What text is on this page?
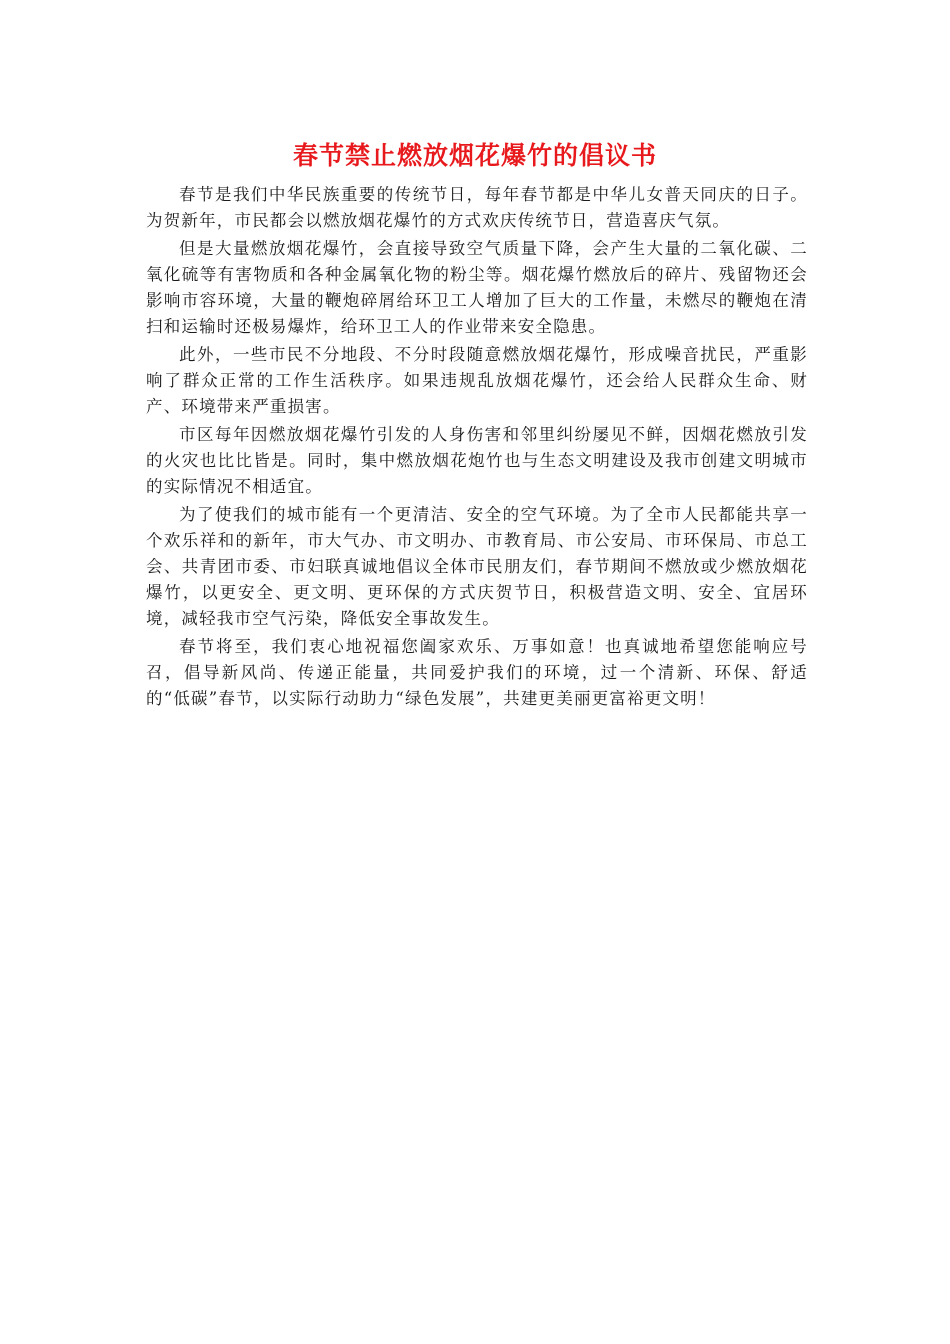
春节禁止燃放烟花爆竹的倡议书

春节是我们中华民族重要的传统节日，每年春节都是中华儿女普天同庆的日子。为贺新年，市民都会以燃放烟花爆竹的方式欢庆传统节日，营造喜庆气氛。

但是大量燃放烟花爆竹，会直接导致空气质量下降，会产生大量的二氧化碳、二氧化硫等有害物质和各种金属氧化物的粉尘等。烟花爆竹燃放后的碎片、残留物还会影响市容环境，大量的鞭炮碎屑给环卫工人增加了巨大的工作量，未燃尽的鞭炮在清扫和运输时还极易爆炸，给环卫工人的作业带来安全隐患。

此外，一些市民不分地段、不分时段随意燃放烟花爆竹，形成噪音扰民，严重影响了群众正常的工作生活秩序。如果违规乱放烟花爆竹，还会给人民群众生命、财产、环境带来严重损害。

市区每年因燃放烟花爆竹引发的人身伤害和邻里纠纷屡见不鲜，因烟花燃放引发的火灾也比比皆是。同时，集中燃放烟花炮竹也与生态文明建设及我市创建文明城市的实际情况不相适宜。

为了使我们的城市能有一个更清洁、安全的空气环境。为了全市人民都能共享一个欢乐祥和的新年，市大气办、市文明办、市教育局、市公安局、市环保局、市总工会、共青团市委、市妇联真诚地倡议全体市民朋友们，春节期间不燃放或少燃放烟花爆竹，以更安全、更文明、更环保的方式庆贺节日，积极营造文明、安全、宜居环境，减轻我市空气污染，降低安全事故发生。

春节将至，我们衷心地祝福您阖家欢乐、万事如意！也真诚地希望您能响应号召，倡导新风尚、传递正能量，共同爱护我们的环境，过一个清新、环保、舒适的“低碳”春节，以实际行动助力“绿色发展”，共建更美丽更富裕更文明！
